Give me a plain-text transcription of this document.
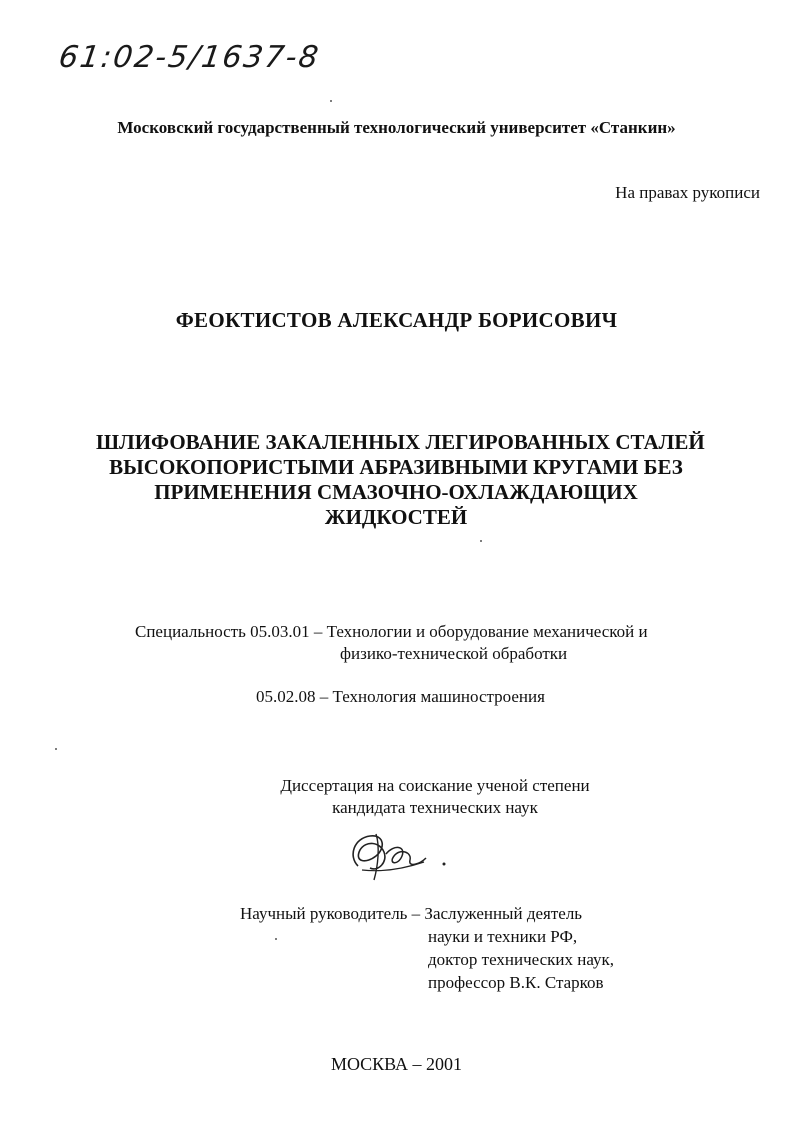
61:02-5/1637-8
Московский государственный технологический университет «Станкин»
На правах рукописи
ФЕОКТИСТОВ АЛЕКСАНДР БОРИСОВИЧ
ШЛИФОВАНИЕ ЗАКАЛЕННЫХ ЛЕГИРОВАННЫХ СТАЛЕЙ
ВЫСОКОПОРИСТЫМИ АБРАЗИВНЫМИ КРУГАМИ БЕЗ
ПРИМЕНЕНИЯ СМАЗОЧНО-ОХЛАЖДАЮЩИХ
ЖИДКОСТЕЙ
Специальность 05.03.01 – Технологии и оборудование механической и
физико-технической обработки
05.02.08 – Технология машиностроения
Диссертация на соискание ученой степени
кандидата технических наук
Научный руководитель – Заслуженный деятель
науки и техники РФ,
доктор технических наук,
профессор В.К. Старков
МОСКВА – 2001
